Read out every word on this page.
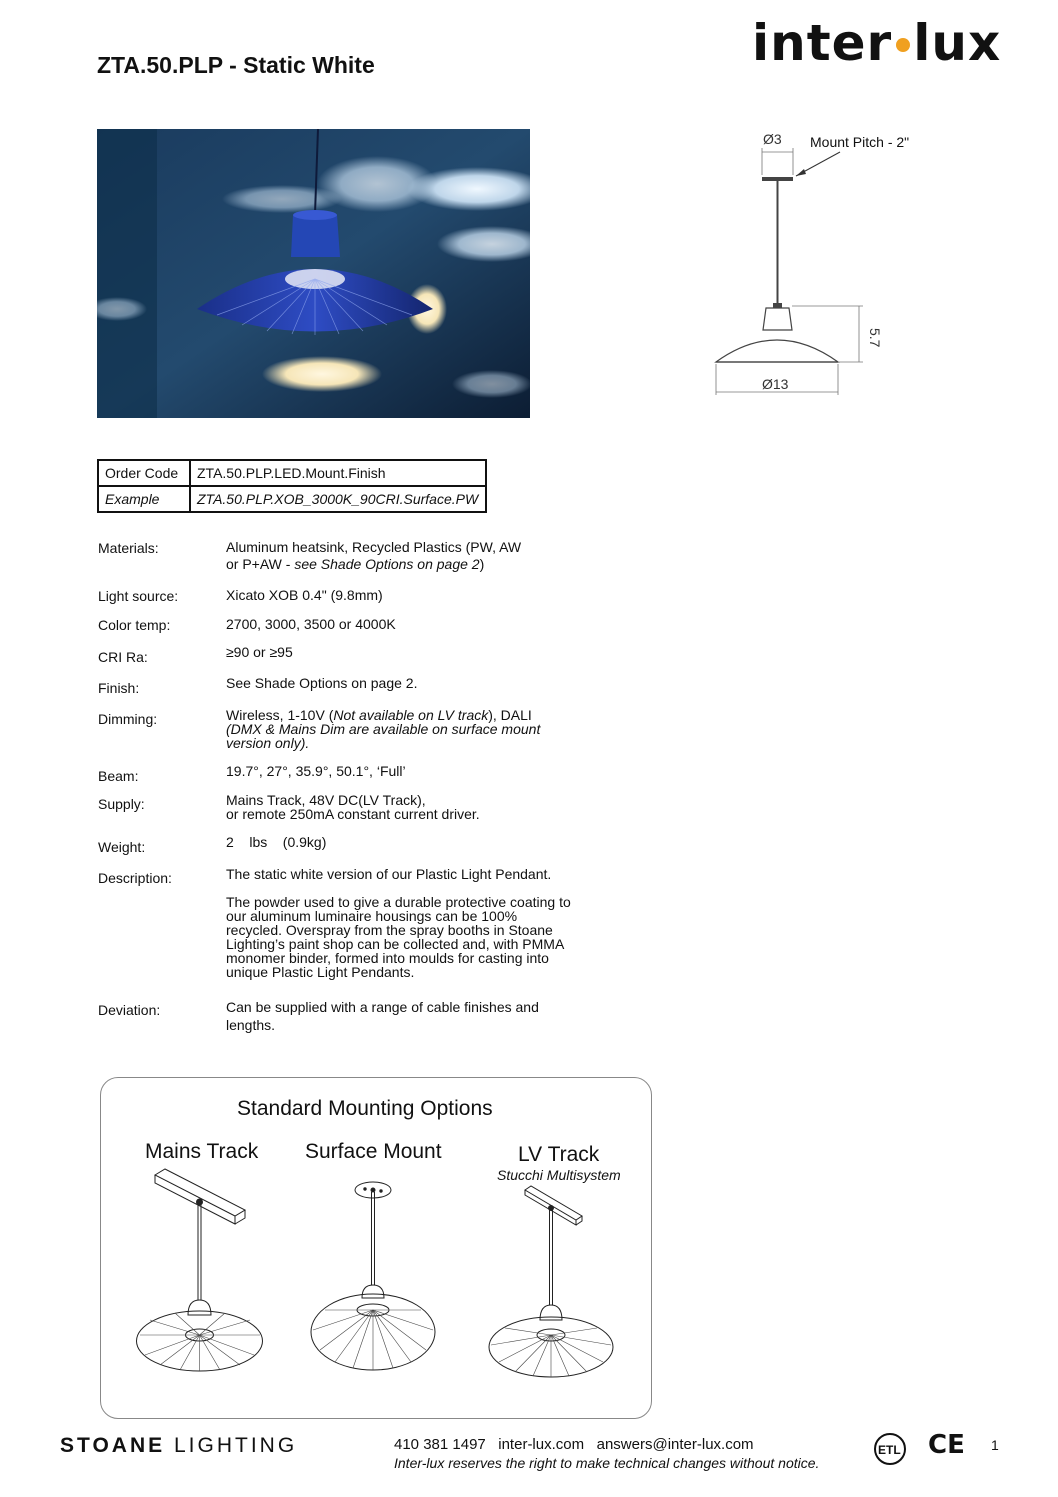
ZTA.50.PLP - Static White	inter lux
Ø3 Mount Pitch - 2"
5.7
Ø13
Order Code	ZTA.50.PLP.LED.Mount.Finish
Example	ZTA.50.PLP.XOB_3000K_90CRI.Surface.PW
Materials:	Aluminum heatsink, Recycled Plastics (PW, AW
or P+AW - see Shade Options on page 2)
Light source:	Xicato XOB 0.4" (9.8mm)
Color temp:	2700, 3000, 3500 or 4000K
CRI Ra:	≥90 or ≥95
Finish:	See Shade Options on page 2.
Dimming:	Wireless, 1-10V (Not available on LV track), DALI
(DMX & Mains Dim are available on surface mount
version only).
Beam:	19.7°, 27°, 35.9°, 50.1°, ‘Full’
Supply:	Mains Track, 48V DC(LV Track),
or remote 250mA constant current driver.
Weight:	2    lbs    (0.9kg)
Description:	The static white version of our Plastic Light Pendant.
The powder used to give a durable protective coating to
our aluminum luminaire housings can be 100%
recycled. Overspray from the spray booths in Stoane
Lighting’s paint shop can be collected and, with PMMA
monomer binder, formed into moulds for casting into
unique Plastic Light Pendants.
Deviation:	Can be supplied with a range of cable finishes and
lengths.
Standard Mounting Options
Mains Track Surface Mount	LV Track
Stucchi Multisystem
STOANE LIGHTING	410 381 1497   inter-lux.com   answers@inter-lux.com
Inter-lux reserves the right to make technical changes without notice.
ETL CE 1
